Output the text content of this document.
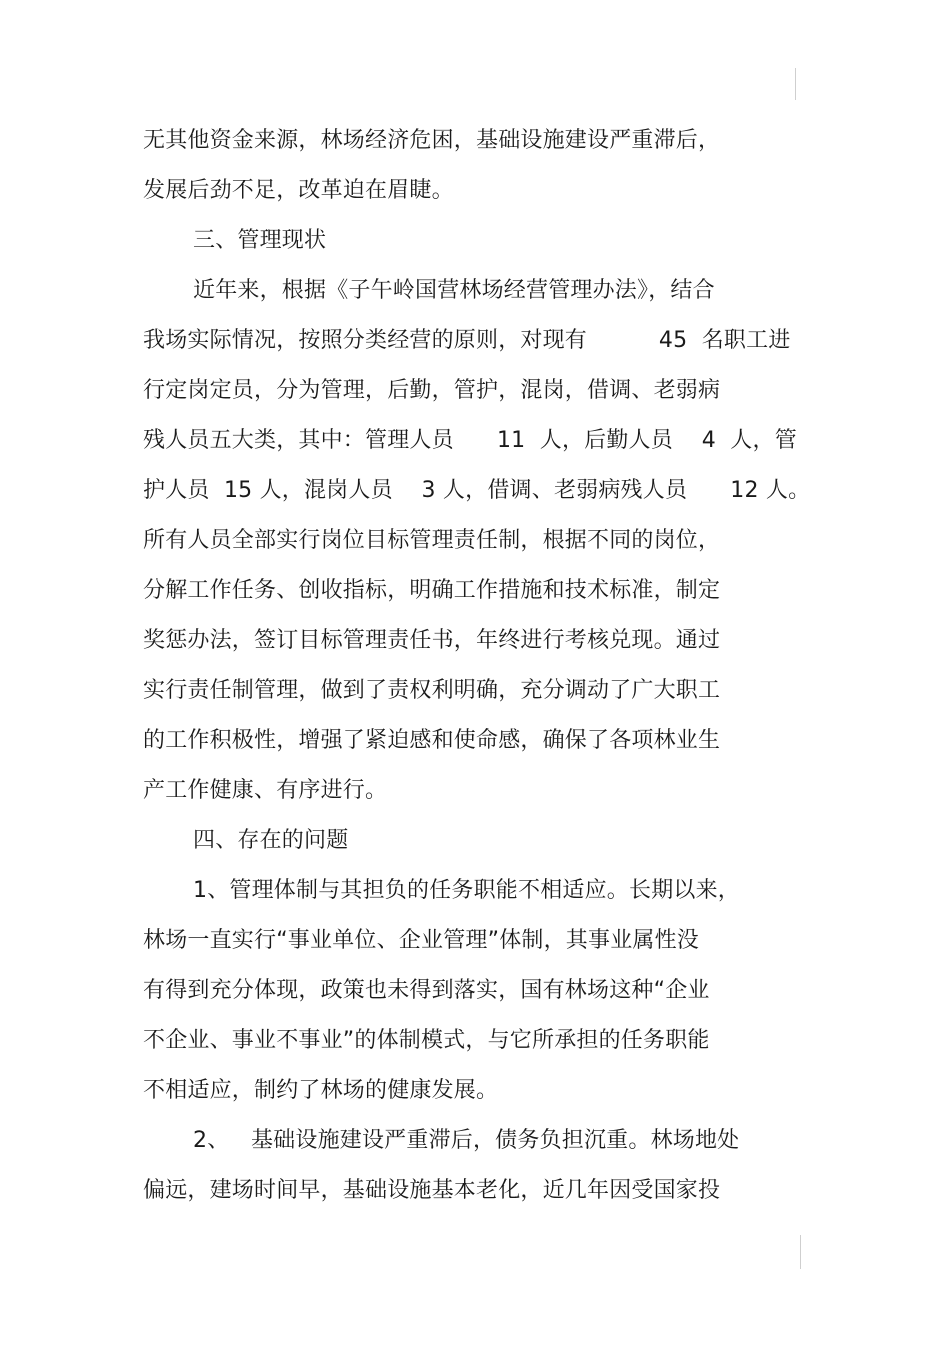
无其他资金来源，林场经济危困，基础设施建设严重滞后，
发展后劲不足，改革迫在眉睫。
三、管理现状
近年来，根据《子午岭国营林场经营管理办法》，结合
我场实际情况，按照分类经营的原则，对现有          45  名职工进
行定岗定员，分为管理，后勤，管护，混岗，借调、老弱病
残人员五大类，其中：管理人员      11  人，后勤人员    4  人，管
护人员  15 人，混岗人员    3 人，借调、老弱病残人员      12 人。
所有人员全部实行岗位目标管理责任制，根据不同的岗位，
分解工作任务、创收指标，明确工作措施和技术标准，制定
奖惩办法，签订目标管理责任书，年终进行考核兑现。通过
实行责任制管理，做到了责权利明确，充分调动了广大职工
的工作积极性，增强了紧迫感和使命感，确保了各项林业生
产工作健康、有序进行。
四、存在的问题
1、管理体制与其担负的任务职能不相适应。长期以来，
林场一直实行“事业单位、企业管理”体制，其事业属性没
有得到充分体现，政策也未得到落实，国有林场这种“企业
不企业、事业不事业”的体制模式，与它所承担的任务职能
不相适应，制约了林场的健康发展。
2、   基础设施建设严重滞后，债务负担沉重。林场地处
偏远，建场时间早，基础设施基本老化，近几年因受国家投
